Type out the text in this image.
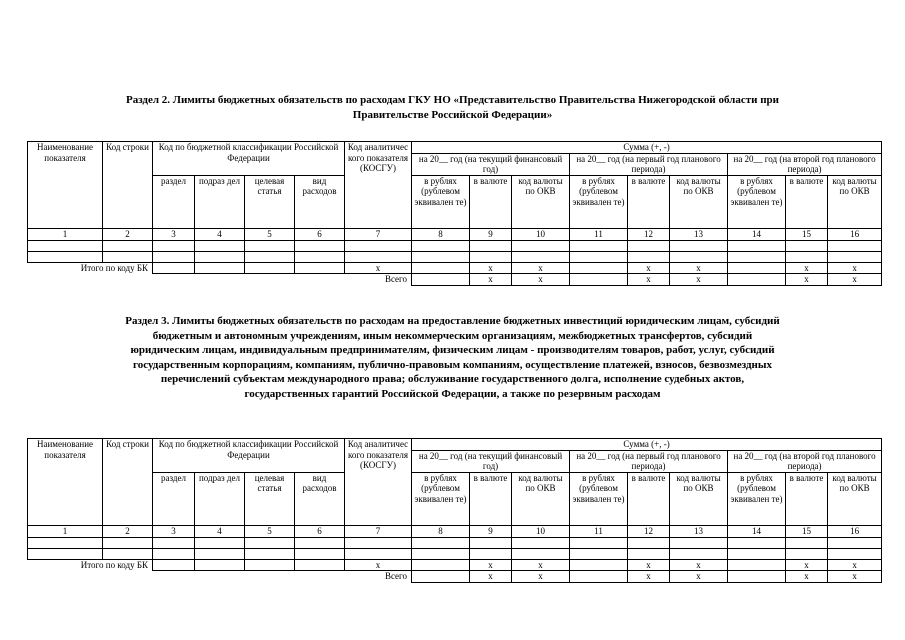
Раздел 2. Лимиты бюджетных обязательств по расходам ГКУ НО «Представительство Правительства Нижегородской области при
Правительстве Российской Федерации»
Раздел 3. Лимиты бюджетных обязательств по расходам на предоставление бюджетных инвестиций юридическим лицам, субсидий
бюджетным и автономным учреждениям, иным некоммерческим организациям, межбюджетных трансфертов, субсидий
юридическим лицам, индивидуальным предпринимателям, физическим лицам - производителям товаров, работ, услуг, субсидий
государственным корпорациям, компаниям, публично-правовым компаниям, осуществление платежей, взносов, безвозмездных
перечислений субъектам международного права; обслуживание государственного долга, исполнение судебных актов,
государственных гарантий Российской Федерации, а также по резервным расходам
Наименование показателя	Код строки	Код по бюджетной классификации Российской Федерации				Код аналитичес кого показателя (КОСГУ)	Сумма (+, -)								
							на 20__ год (на текущий финансовый год)			на 20__ год (на первый год планового периода)			на 20__ год (на второй год планового периода)		
		раздел	подраз дел	целевая статья	вид расходов		в рублях (рублевом эквивален те)	в валюте	код валюты по ОКВ	в рублях (рублевом эквивален те)	в валюте	код валюты по ОКВ	в рублях (рублевом эквивален те)	в валюте	код валюты по ОКВ
1	2	3	4	5	6	7	8	9	10	11	12	13	14	15	16

Итого по коду БК						x		x	x		x	x		x	x
Всего								x	x		x	x		x	x
Наименование показателя	Код строки	Код по бюджетной классификации Российской Федерации				Код аналитичес кого показателя (КОСГУ)	Сумма (+, -)								
							на 20__ год (на текущий финансовый год)			на 20__ год (на первый год планового периода)			на 20__ год (на второй год планового периода)		
		раздел	подраз дел	целевая статья	вид расходов		в рублях (рублевом эквивален те)	в валюте	код валюты по ОКВ	в рублях (рублевом эквивален те)	в валюте	код валюты по ОКВ	в рублях (рублевом эквивален те)	в валюте	код валюты по ОКВ
1	2	3	4	5	6	7	8	9	10	11	12	13	14	15	16

Итого по коду БК						x		x	x		x	x		x	x
Всего								x	x		x	x		x	x
